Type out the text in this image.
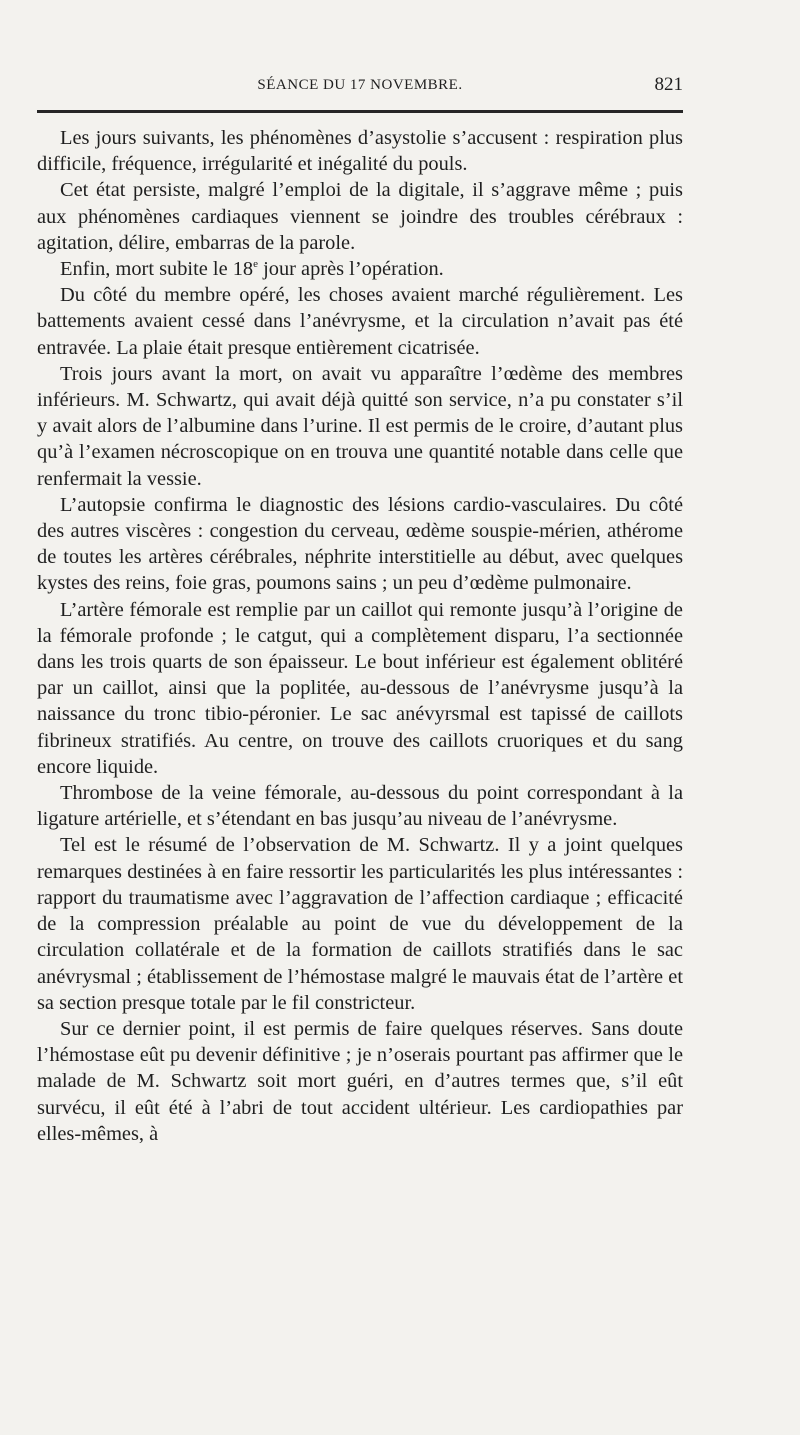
SÉANCE DU 17 NOVEMBRE.	821

Les jours suivants, les phénomènes d’asystolie s’accusent : respiration plus difficile, fréquence, irrégularité et inégalité du pouls.

Cet état persiste, malgré l’emploi de la digitale, il s’aggrave même ; puis aux phénomènes cardiaques viennent se joindre des troubles cérébraux : agitation, délire, embarras de la parole.

Enfin, mort subite le 18e jour après l’opération.

Du côté du membre opéré, les choses avaient marché régulièrement. Les battements avaient cessé dans l’anévrysme, et la circulation n’avait pas été entravée. La plaie était presque entièrement cicatrisée.

Trois jours avant la mort, on avait vu apparaître l’œdème des membres inférieurs. M. Schwartz, qui avait déjà quitté son service, n’a pu constater s’il y avait alors de l’albumine dans l’urine. Il est permis de le croire, d’autant plus qu’à l’examen nécroscopique on en trouva une quantité notable dans celle que renfermait la vessie.

L’autopsie confirma le diagnostic des lésions cardio-vasculaires. Du côté des autres viscères : congestion du cerveau, œdème souspie-mérien, athérome de toutes les artères cérébrales, néphrite interstitielle au début, avec quelques kystes des reins, foie gras, poumons sains ; un peu d’œdème pulmonaire.

L’artère fémorale est remplie par un caillot qui remonte jusqu’à l’origine de la fémorale profonde ; le catgut, qui a complètement disparu, l’a sectionnée dans les trois quarts de son épaisseur. Le bout inférieur est également oblitéré par un caillot, ainsi que la poplitée, au-dessous de l’anévrysme jusqu’à la naissance du tronc tibio-péronier. Le sac anévyrsmal est tapissé de caillots fibrineux stratifiés. Au centre, on trouve des caillots cruoriques et du sang encore liquide.

Thrombose de la veine fémorale, au-dessous du point correspondant à la ligature artérielle, et s’étendant en bas jusqu’au niveau de l’anévrysme.

Tel est le résumé de l’observation de M. Schwartz. Il y a joint quelques remarques destinées à en faire ressortir les particularités les plus intéressantes : rapport du traumatisme avec l’aggravation de l’affection cardiaque ; efficacité de la compression préalable au point de vue du développement de la circulation collatérale et de la formation de caillots stratifiés dans le sac anévrysmal ; établissement de l’hémostase malgré le mauvais état de l’artère et sa section presque totale par le fil constricteur.

Sur ce dernier point, il est permis de faire quelques réserves. Sans doute l’hémostase eût pu devenir définitive ; je n’oserais pourtant pas affirmer que le malade de M. Schwartz soit mort guéri, en d’autres termes que, s’il eût survécu, il eût été à l’abri de tout accident ultérieur. Les cardiopathies par elles-mêmes, à
